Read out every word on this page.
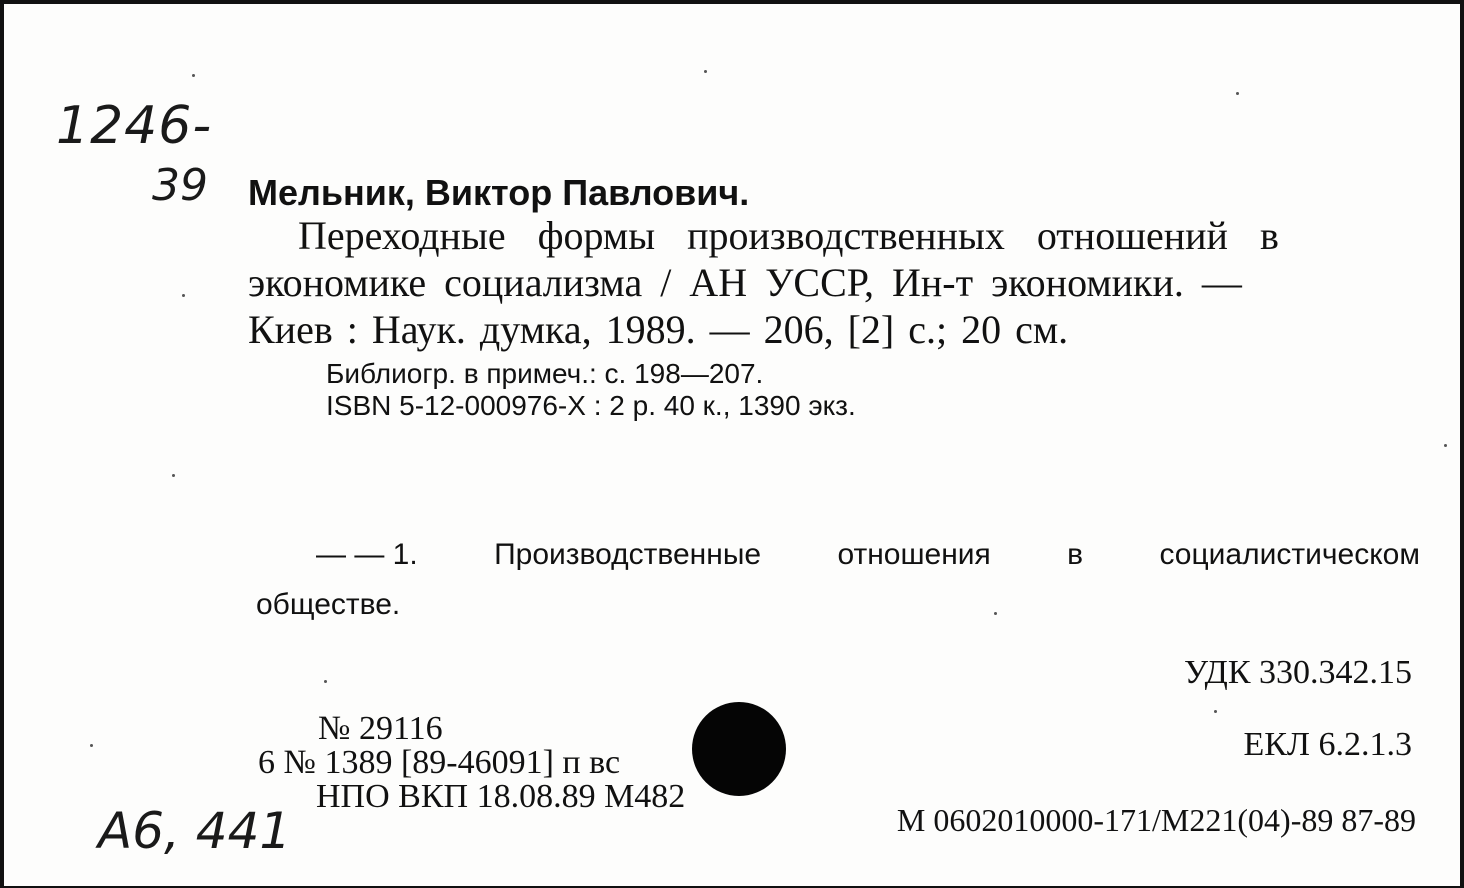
1246-
39 Мельник, Виктор Павлович.
Переходные формы производственных отношений в
экономике социализма / АН УССР, Ин-т экономики. —
Киев : Наук. думка, 1989. — 206, [2] с.; 20 см.
Библиогр. в примеч.: с. 198—207.
ISBN 5-12-000976-X : 2 р. 40 к., 1390 экз.
— — 1.	Производственные	отношения	в	социалистическом
обществе.
УДК 330.342.15
ЕКЛ 6.2.1.3
№ 29116
6 № 1389 [89-46091] п вс
НПО ВКП 18.08.89 М482
М 0602010000-171/М221(04)-89 87-89
A6, 441
